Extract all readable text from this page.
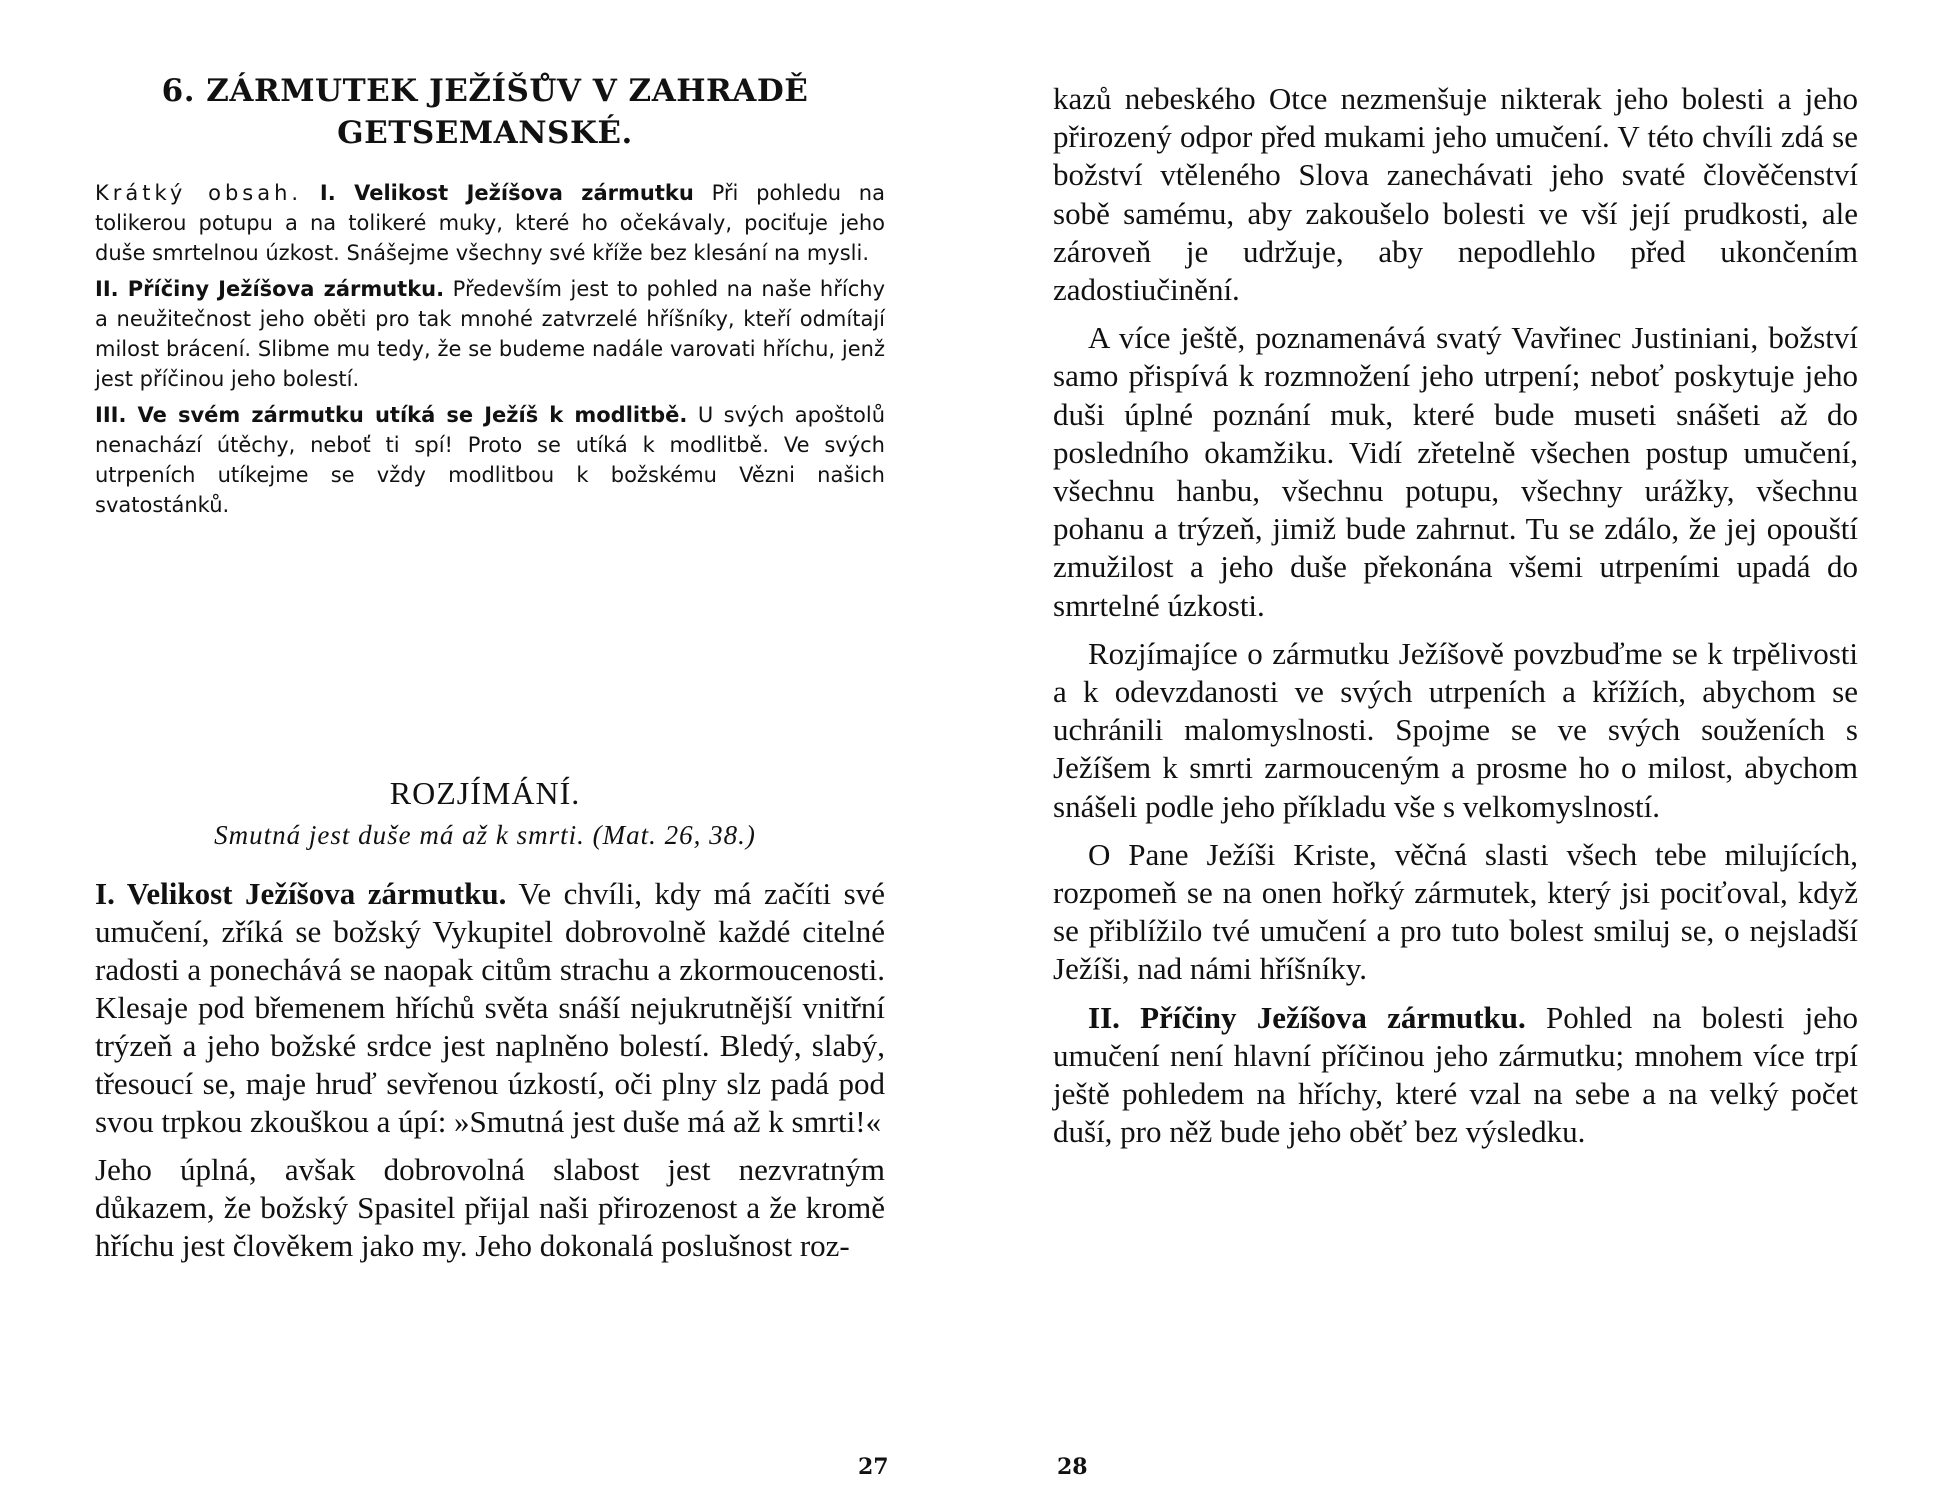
6. ZÁRMUTEK JEŽÍŠŮV V ZAHRADĚ
GETSEMANSKÉ.

Krátký obsah. I. Velikost Ježíšova zármutku Při pohledu na tolikerou potupu a na tolikeré muky, které ho očekávaly, pociťuje jeho duše smrtelnou úzkost. Snášejme všechny své kříže bez klesání na mysli.

II. Příčiny Ježíšova zármutku. Především jest to pohled na naše hříchy a neužitečnost jeho oběti pro tak mnohé zatvrzelé hříšníky, kteří odmítají milost brácení. Slibme mu tedy, že se budeme nadále varovati hříchu, jenž jest příčinou jeho bolestí.

III. Ve svém zármutku utíká se Ježíš k modlitbě. U svých apoštolů nenachází útěchy, neboť ti spí! Proto se utíká k modlitbě. Ve svých utrpeních utíkejme se vždy modlitbou k božskému Vězni našich svatostánků.

ROZJÍMÁNÍ.
Smutná jest duše má až k smrti. (Mat. 26, 38.)

I. Velikost Ježíšova zármutku. Ve chvíli, kdy má začíti své umučení, zříká se božský Vykupitel dobrovolně každé citelné radosti a ponechává se naopak citům strachu a zkormoucenosti. Klesaje pod břemenem hříchů světa snáší nejukrutnější vnitřní trýzeň a jeho božské srdce jest naplněno bolestí. Bledý, slabý, třesoucí se, maje hruď sevřenou úzkostí, oči plny slz padá pod svou trpkou zkouškou a úpí: »Smutná jest duše má až k smrti!«

Jeho úplná, avšak dobrovolná slabost jest nezvratným důkazem, že božský Spasitel přijal naši přirozenost a že kromě hříchu jest člověkem jako my. Jeho dokonalá poslušnost roz-

27

kazů nebeského Otce nezmenšuje nikterak jeho bolesti a jeho přirozený odpor před mukami jeho umučení. V této chvíli zdá se božství vtěleného Slova zanechávati jeho svaté člověčenství sobě samému, aby zakoušelo bolesti ve vší její prudkosti, ale zároveň je udržuje, aby nepodlehlo před ukončením zadostiučinění.

A více ještě, poznamenává svatý Vavřinec Justiniani, božství samo přispívá k rozmnožení jeho utrpení; neboť poskytuje jeho duši úplné poznání muk, které bude museti snášeti až do posledního okamžiku. Vidí zřetelně všechen postup umučení, všechnu hanbu, všechnu potupu, všechny urážky, všechnu pohanu a trýzeň, jimiž bude zahrnut. Tu se zdálo, že jej opouští zmužilost a jeho duše překonána všemi utrpeními upadá do smrtelné úzkosti.

Rozjímajíce o zármutku Ježíšově povzbuďme se k trpělivosti a k odevzdanosti ve svých utrpeních a křížích, abychom se uchránili malomyslnosti. Spojme se ve svých souženích s Ježíšem k smrti zarmouceným a prosme ho o milost, abychom snášeli podle jeho příkladu vše s velkomyslností.

O Pane Ježíši Kriste, věčná slasti všech tebe milujících, rozpomeň se na onen hořký zármutek, který jsi pociťoval, když se přiblížilo tvé umučení a pro tuto bolest smiluj se, o nejsladší Ježíši, nad námi hříšníky.

II. Příčiny Ježíšova zármutku. Pohled na bolesti jeho umučení není hlavní příčinou jeho zármutku; mnohem více trpí ještě pohledem na hříchy, které vzal na sebe a na velký počet duší, pro něž bude jeho oběť bez výsledku.

28
